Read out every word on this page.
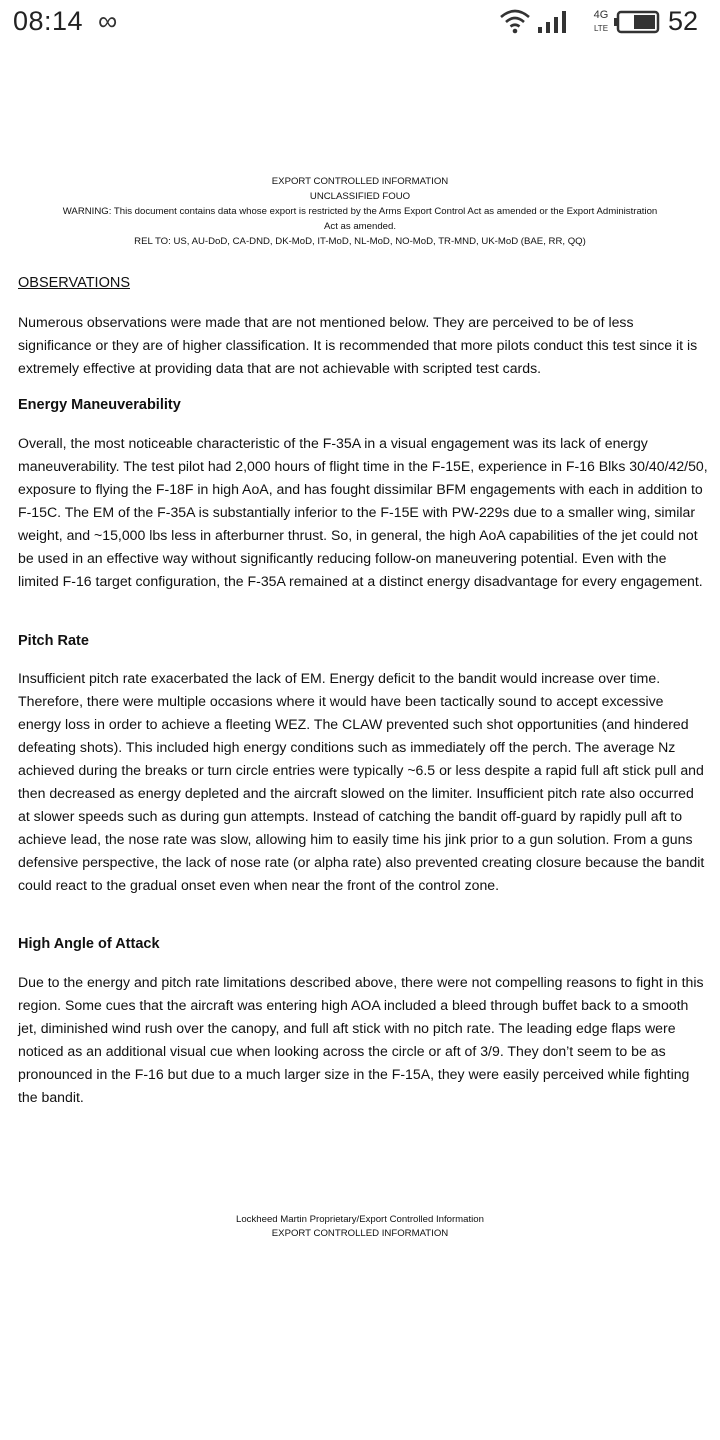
08:14 ∞	4G
LTE 52
EXPORT CONTROLLED INFORMATION
UNCLASSIFIED FOUO
WARNING: This document contains data whose export is restricted by the Arms Export Control Act as amended or the Export Administration
Act as amended.
REL TO: US, AU-DoD, CA-DND, DK-MoD, IT-MoD, NL-MoD, NO-MoD, TR-MND, UK-MoD (BAE, RR, QQ)
OBSERVATIONS
Numerous observations were made that are not mentioned below. They are perceived to be of less significance or they are of higher classification. It is recommended that more pilots conduct this test since it is extremely effective at providing data that are not achievable with scripted test cards.
Energy Maneuverability
Overall, the most noticeable characteristic of the F-35A in a visual engagement was its lack of energy maneuverability. The test pilot had 2,000 hours of flight time in the F-15E, experience in F-16 Blks 30/40/42/50, exposure to flying the F-18F in high AoA, and has fought dissimilar BFM engagements with each in addition to F-15C. The EM of the F-35A is substantially inferior to the F-15E with PW-229s due to a smaller wing, similar weight, and ~15,000 lbs less in afterburner thrust. So, in general, the high AoA capabilities of the jet could not be used in an effective way without significantly reducing follow-on maneuvering potential. Even with the limited F-16 target configuration, the F-35A remained at a distinct energy disadvantage for every engagement.
Pitch Rate
Insufficient pitch rate exacerbated the lack of EM. Energy deficit to the bandit would increase over time. Therefore, there were multiple occasions where it would have been tactically sound to accept excessive energy loss in order to achieve a fleeting WEZ. The CLAW prevented such shot opportunities (and hindered defeating shots). This included high energy conditions such as immediately off the perch. The average Nz achieved during the breaks or turn circle entries were typically ~6.5 or less despite a rapid full aft stick pull and then decreased as energy depleted and the aircraft slowed on the limiter. Insufficient pitch rate also occurred at slower speeds such as during gun attempts. Instead of catching the bandit off-guard by rapidly pull aft to achieve lead, the nose rate was slow, allowing him to easily time his jink prior to a gun solution. From a guns defensive perspective, the lack of nose rate (or alpha rate) also prevented creating closure because the bandit could react to the gradual onset even when near the front of the control zone.
High Angle of Attack
Due to the energy and pitch rate limitations described above, there were not compelling reasons to fight in this region. Some cues that the aircraft was entering high AOA included a bleed through buffet back to a smooth jet, diminished wind rush over the canopy, and full aft stick with no pitch rate. The leading edge flaps were noticed as an additional visual cue when looking across the circle or aft of 3/9. They don’t seem to be as pronounced in the F-16 but due to a much larger size in the F-15A, they were easily perceived while fighting the bandit.
Lockheed Martin Proprietary/Export Controlled Information
EXPORT CONTROLLED INFORMATION
